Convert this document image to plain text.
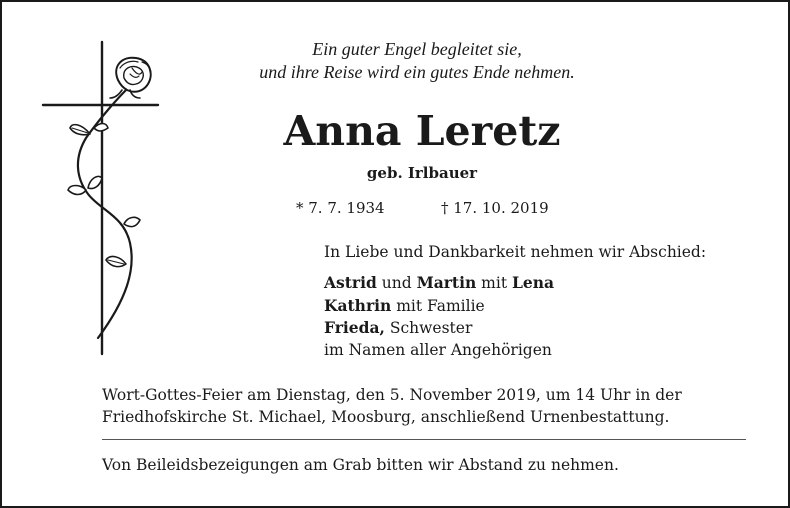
Ein guter Engel begleitet sie,
und ihre Reise wird ein gutes Ende nehmen.
Anna Leretz
geb. Irlbauer
* 7. 7. 1934	† 17. 10. 2019
In Liebe und Dankbarkeit nehmen wir Abschied:
Astrid und Martin mit Lena
Kathrin mit Familie
Frieda, Schwester
im Namen aller Angehörigen
Wort-Gottes-Feier am Dienstag, den 5. November 2019, um 14 Uhr in der
Friedhofskirche St. Michael, Moosburg, anschließend Urnenbestattung.
Von Beileidsbezeigungen am Grab bitten wir Abstand zu nehmen.
